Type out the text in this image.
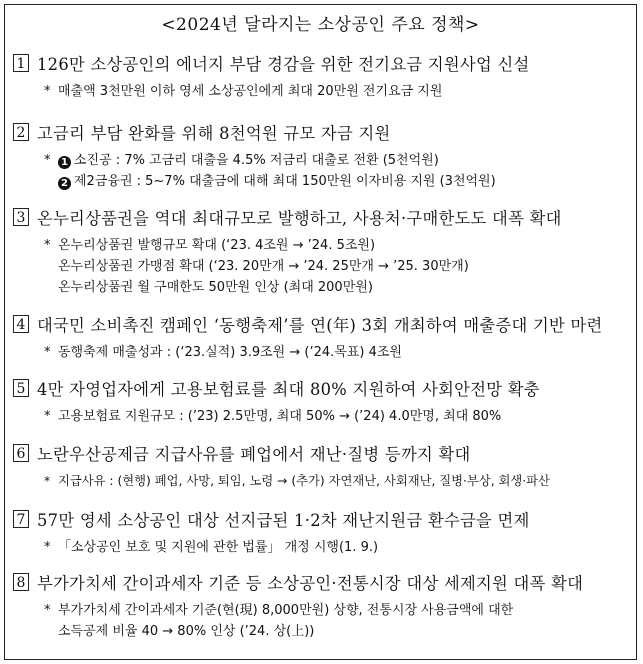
<2024년 달라지는 소상공인 주요 정책>
1 126만 소상공인의 에너지 부담 경감을 위한 전기요금 지원사업 신설
* 매출액 3천만원 이하 영세 소상공인에게 최대 20만원 전기요금 지원
2 고금리 부담 완화를 위해 8천억원 규모 자금 지원
*	1 소진공 : 7% 고금리 대출을 4.5% 저금리 대출로 전환 (5천억원)
2 제2금융권 : 5~7% 대출금에 대해 최대 150만원 이자비용 지원 (3천억원)
3 온누리상품권을 역대 최대규모로 발행하고, 사용처·구매한도도 대폭 확대
* 온누리상품권 발행규모 확대 (‘23. 4조원 → ’24. 5조원)
온누리상품권 가맹점 확대 (‘23. 20만개 → ’24. 25만개 → ’25. 30만개)
온누리상품권 월 구매한도 50만원 인상 (최대 200만원)
4 대국민 소비촉진 캠페인 ‘동행축제’를 연(年) 3회 개최하여 매출증대 기반 마련
* 동행축제 매출성과 : (‘23.실적) 3.9조원 → (’24.목표) 4조원
5 4만 자영업자에게 고용보험료를 최대 80% 지원하여 사회안전망 확충
* 고용보험료 지원규모 : (’23) 2.5만명, 최대 50% → (’24) 4.0만명, 최대 80%
6 노란우산공제금 지급사유를 폐업에서 재난·질병 등까지 확대
* 지급사유 : (현행) 폐업, 사망, 퇴임, 노령 → (추가) 자연재난, 사회재난, 질병·부상, 회생·파산
7 57만 영세 소상공인 대상 선지급된 1·2차 재난지원금 환수금을 면제
* 「소상공인 보호 및 지원에 관한 법률」 개정 시행(1. 9.)
8 부가가치세 간이과세자 기준 등 소상공인·전통시장 대상 세제지원 대폭 확대
* 부가가치세 간이과세자 기준(현(現) 8,000만원) 상향, 전통시장 사용금액에 대한
소득공제 비율 40 → 80% 인상 (’24. 상(上))
